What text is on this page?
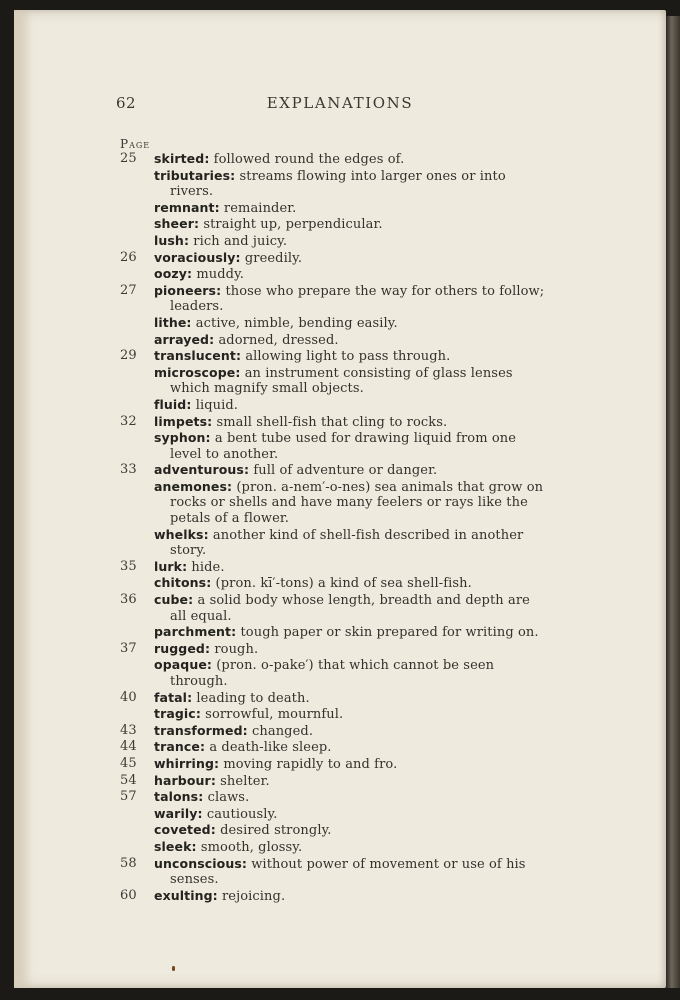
62	EXPLANATIONS
Page
25	skirted: followed round the edges of.
tributaries: streams flowing into larger ones or into
rivers.
remnant: remainder.
sheer: straight up, perpendicular.
lush: rich and juicy.
26	voraciously: greedily.
oozy: muddy.
27	pioneers: those who prepare the way for others to follow;
leaders.
lithe: active, nimble, bending easily.
arrayed: adorned, dressed.
29	translucent: allowing light to pass through.
microscope: an instrument consisting of glass lenses
which magnify small objects.
fluid: liquid.
32	limpets: small shell-fish that cling to rocks.
syphon: a bent tube used for drawing liquid from one
level to another.
33	adventurous: full of adventure or danger.
anemones: (pron. a-nem′-o-nes) sea animals that grow on
rocks or shells and have many feelers or rays like the
petals of a flower.
whelks: another kind of shell-fish described in another
story.
35	lurk: hide.
chitons: (pron. kī′-tons) a kind of sea shell-fish.
36	cube: a solid body whose length, breadth and depth are
all equal.
parchment: tough paper or skin prepared for writing on.
37	rugged: rough.
opaque: (pron. o-pake′) that which cannot be seen
through.
40	fatal: leading to death.
tragic: sorrowful, mournful.
43	transformed: changed.
44	trance: a death-like sleep.
45	whirring: moving rapidly to and fro.
54	harbour: shelter.
57	talons: claws.
warily: cautiously.
coveted: desired strongly.
sleek: smooth, glossy.
58	unconscious: without power of movement or use of his
senses.
60	exulting: rejoicing.
